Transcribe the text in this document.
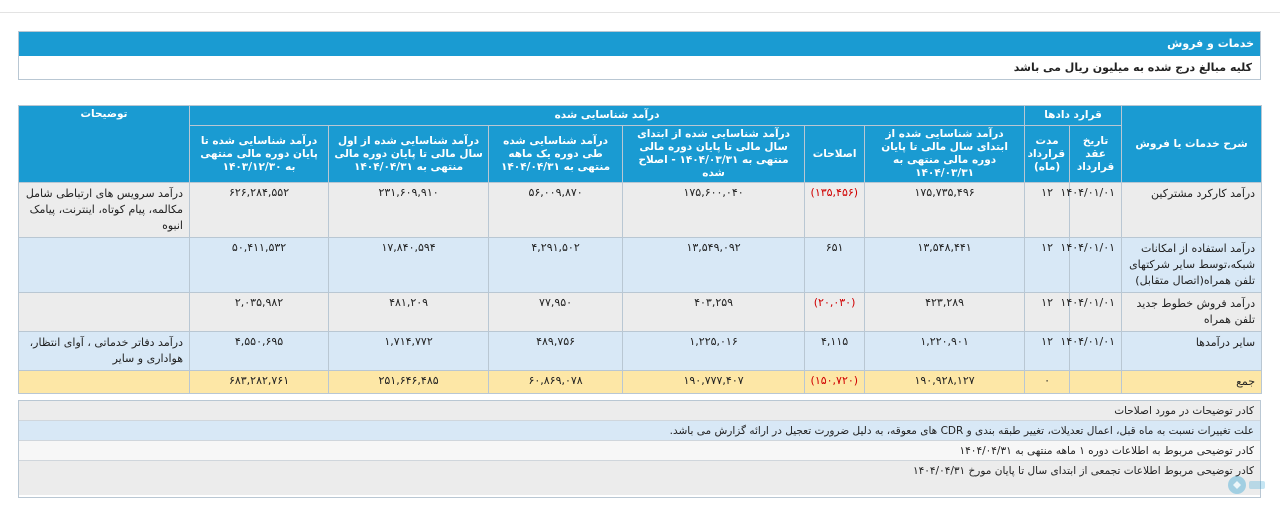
خدمات و فروش
کلیه مبالغ درج شده به میلیون ریال می باشد
شرح خدمات یا فروش	قرارد دادها		درآمد شناسایی شده						توضیحات
	تاریخ عقد قرارداد	مدت قرارداد (ماه)	درآمد شناسایی شده از ابتدای سال مالی تا پایان دوره مالی منتهی به ۱۴۰۴/۰۳/۳۱	اصلاحات	درآمد شناسایی شده از ابتدای سال مالی تا پایان دوره مالی منتهی به ۱۴۰۴/۰۳/۳۱ - اصلاح شده	درآمد شناسایی شده طی دوره یک ماهه منتهی به ۱۴۰۴/۰۴/۳۱	درآمد شناسایی شده از اول سال مالی تا پایان دوره مالی منتهی به ۱۴۰۴/۰۴/۳۱	درآمد شناسایی شده تا پایان دوره مالی منتهی به ۱۴۰۳/۱۲/۳۰	
درآمد کارکرد مشترکین	۱۴۰۴/۰۱/۰۱	۱۲	۱۷۵,۷۳۵,۴۹۶	(۱۳۵,۴۵۶)	۱۷۵,۶۰۰,۰۴۰	۵۶,۰۰۹,۸۷۰	۲۳۱,۶۰۹,۹۱۰	۶۲۶,۲۸۴,۵۵۲	درآمد سرویس های ارتباطی شامل مکالمه، پیام کوتاه، اینترنت، پیامک انبوه
درآمد استفاده از امکانات شبکه،توسط سایر شرکتهای تلفن همراه(اتصال متقابل)	۱۴۰۴/۰۱/۰۱	۱۲	۱۳,۵۴۸,۴۴۱	۶۵۱	۱۳,۵۴۹,۰۹۲	۴,۲۹۱,۵۰۲	۱۷,۸۴۰,۵۹۴	۵۰,۴۱۱,۵۳۲	
درآمد فروش خطوط جدید تلفن همراه	۱۴۰۴/۰۱/۰۱	۱۲	۴۲۳,۲۸۹	(۲۰,۰۳۰)	۴۰۳,۲۵۹	۷۷,۹۵۰	۴۸۱,۲۰۹	۲,۰۳۵,۹۸۲	
سایر درآمدها	۱۴۰۴/۰۱/۰۱	۱۲	۱,۲۲۰,۹۰۱	۴,۱۱۵	۱,۲۲۵,۰۱۶	۴۸۹,۷۵۶	۱,۷۱۴,۷۷۲	۴,۵۵۰,۶۹۵	درآمد دفاتر خدماتی ، آوای انتظار، هواداری و سایر
جمع		۰	۱۹۰,۹۲۸,۱۲۷	(۱۵۰,۷۲۰)	۱۹۰,۷۷۷,۴۰۷	۶۰,۸۶۹,۰۷۸	۲۵۱,۶۴۶,۴۸۵	۶۸۳,۲۸۲,۷۶۱	
کادر توضیحات در مورد اصلاحات
علت تغییرات نسبت به ماه قبل، اعمال تعدیلات، تغییر طبقه بندی و CDR های معوقه، به دلیل ضرورت تعجیل در ارائه گزارش می باشد.
کادر توضیحی مربوط به اطلاعات دوره ۱ ماهه منتهی به ۱۴۰۴/۰۴/۳۱
کادر توضیحی مربوط اطلاعات تجمعی از ابتدای سال تا پایان مورخ ۱۴۰۴/۰۴/۳۱
